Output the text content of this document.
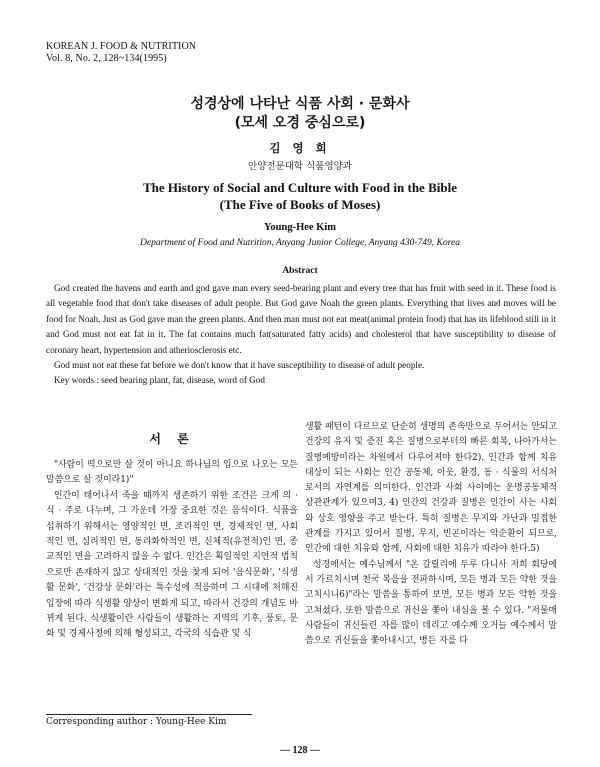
KOREAN J. FOOD & NUTRITION
Vol. 8, No. 2, 128~134(1995)
성경상에 나타난 식품 사회 · 문화사
(모세 오경 중심으로)
김 영 희
안양전문대학 식품영양과
The History of Social and Culture with Food in the Bible
(The Five of Books of Moses)
Young-Hee Kim
Department of Food and Nutrition, Anyang Junior College, Anyang 430-749, Korea
Abstract

God created the havens and earth and god gave man every seed-bearing plant and every tree that has fruit with seed in it. These food is all vegetable food that don't take diseases of adult people. But God gave Noah the green plants. Everything that lives and moves will be food for Noah. Just as God gave man the green plants. And then man must not eat meat(animal protein food) that has its lifeblood still in it and God must not eat fat in it. The fat contains much fat(saturated fatty acids) and cholesterol that have susceptibility to disease of coronary heart, hypertension and atheriosclerosis etc.

God must not eat these fat before we don't know that it have susceptibility to disease of adult people.

Key words : seed bearing plant, fat, disease, word of God

서 론

"사람이 떡으로만 살 것이 아니요 하나님의 입으로 나오는 모든 말씀으로 살 것이라1)"

인간이 태어나서 죽을 때까지 생존하기 위한 조건은 크게 의 · 식 · 주로 나누며, 그 가운데 가장 중요한 것은 음식이다. 식품을 섭취하기 위해서는 영양적인 면, 조리적인 면, 경제적인 면, 사회적인 면, 심리적인 면, 동리화학적인 면, 신체적(유전적)인 면, 종교적인 면을 고려하지 않을 수 없다. 인간은 획일적인 지연적 법칙으로만 존재하지 않고 상대적인 것을 찾게 되어 '음식문화', '식생활 문화', '건강상 문화'라는 특수성에 적응하며 그 시대에 처해진 입장에 따라 식생활 양상이 변화게 되고, 따라서 건강의 개념도 바뀌게 된다. 식생활이란 사람들이 생활하는 지역의 기후, 풍토, 문화 및 경제사정에 의해 형성되고, 각국의 식습관 및 식

생활 패턴이 다르므로 단순히 생명의 존속만으로 두어서는 안되고 건강의 유지 및 증진 혹은 질병으로부터의 빠른 회복, 나아가서는 질병예방이라는 차원에서 다루어져야 한다2). 인간과 함께 치유 대상이 되는 사회는 인간 공동체, 이웃, 환경, 동 · 식물의 서식처로서의 자연계를 의미한다. 인간과 사회 사이에는 운명공동체적 상관관계가 있으며3, 4) 인간의 건강과 질병은 인간이 사는 사회와 상호 영향을 주고 받는다. 특히 질병은 무지와 가난과 밀접한 관계를 가지고 있어서 질병, 무지, 빈곤이라는 악순환이 되므로, 인간에 대한 치유와 함께, 사회에 대한 치유가 따라야 한다.5)

성경에서는 예수님께서 "온 갈릴리에 두루 다니사 저희 회당에서 가르치시며 천국 복음을 전파하시며, 모든 병과 모든 약한 것을 고치시니6)"라는 말씀을 통하여 보면, 모든 병과 모든 약한 것을 고쳐셨다. 또한 말씀으로 귀신을 쫓아 내심을 볼 수 있다. "저물매 사람들이 귀신들린 자를 많이 데리고 예수께 오거늘 예수께서 말씀으로 귀신들을 쫓아내시고, 병든 자를 다

Corresponding author : Young-Hee Kim
— 128 —
